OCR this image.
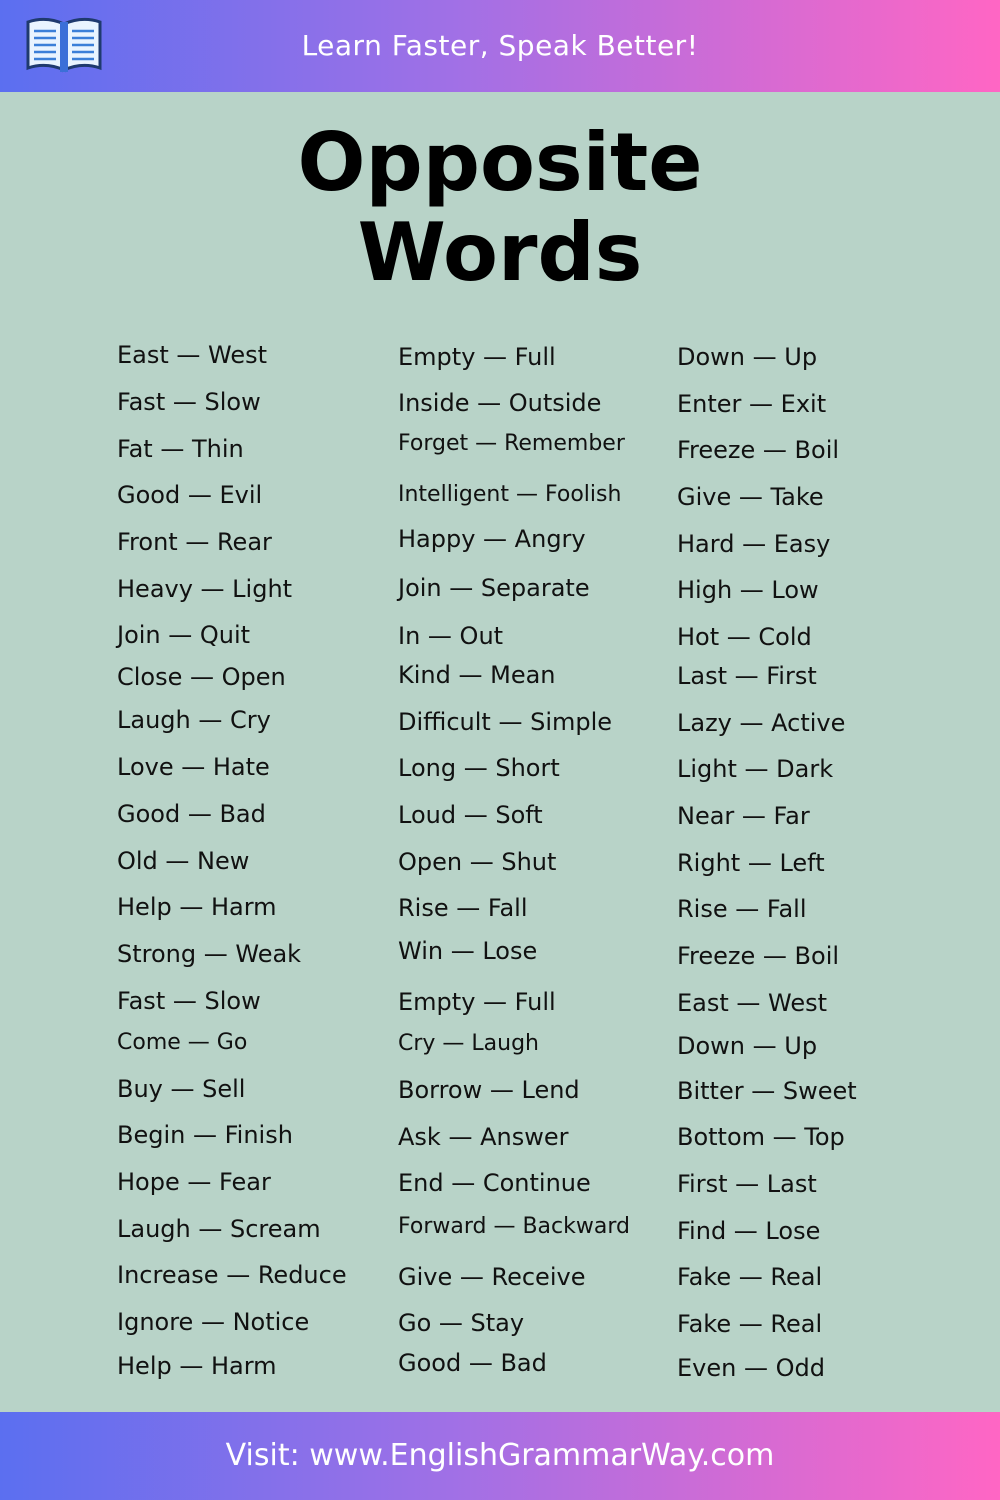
Learn Faster, Speak Better!
Opposite
Words
East — West
Fast — Slow
Fat — Thin
Good — Evil
Front — Rear
Heavy — Light
Join — Quit
Close — Open
Laugh — Cry
Love — Hate
Good — Bad
Old — New
Help — Harm
Strong — Weak
Fast — Slow
Come — Go
Buy — Sell
Begin — Finish
Hope — Fear
Laugh — Scream
Increase — Reduce
Ignore — Notice
Help — Harm
Empty — Full
Inside — Outside
Forget — Remember
Intelligent — Foolish
Happy — Angry
Join — Separate
In — Out
Kind — Mean
Difficult — Simple
Long — Short
Loud — Soft
Open — Shut
Rise — Fall
Win — Lose
Empty — Full
Cry — Laugh
Borrow — Lend
Ask — Answer
End — Continue
Forward — Backward
Give — Receive
Go — Stay
Good — Bad
Down — Up
Enter — Exit
Freeze — Boil
Give — Take
Hard — Easy
High — Low
Hot — Cold
Last — First
Lazy — Active
Light — Dark
Near — Far
Right — Left
Rise — Fall
Freeze — Boil
East — West
Down — Up
Bitter — Sweet
Bottom — Top
First — Last
Find — Lose
Fake — Real
Fake — Real
Even — Odd
Visit: www.EnglishGrammarWay.com
